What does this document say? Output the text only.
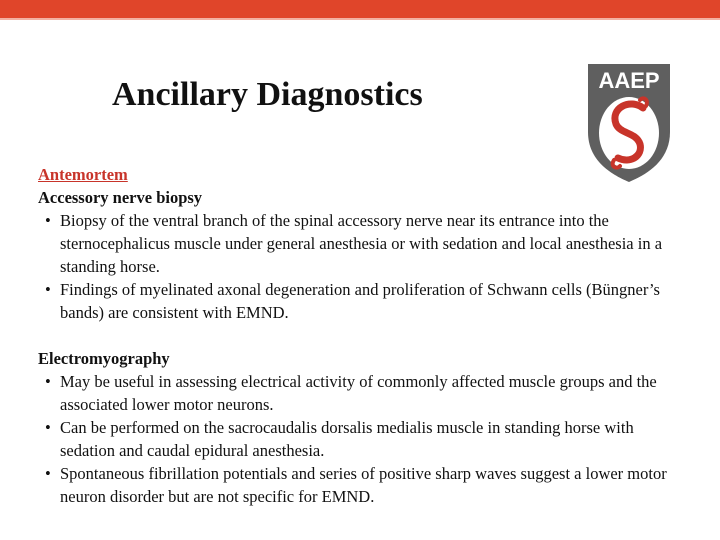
Ancillary Diagnostics	AAEP

Antemortem

Accessory nerve biopsy

• Biopsy of the ventral branch of the spinal accessory nerve near its entrance into the sternocephalicus muscle under general anesthesia or with sedation and local anesthesia in a standing horse.
• Findings of myelinated axonal degeneration and proliferation of Schwann cells (Büngner’s bands) are consistent with EMND.

Electromyography

• May be useful in assessing electrical activity of commonly affected muscle groups and the associated lower motor neurons.
• Can be performed on the sacrocaudalis dorsalis medialis muscle in standing horse with sedation and caudal epidural anesthesia.
• Spontaneous fibrillation potentials and series of positive sharp waves suggest a lower motor neuron disorder but are not specific for EMND.
